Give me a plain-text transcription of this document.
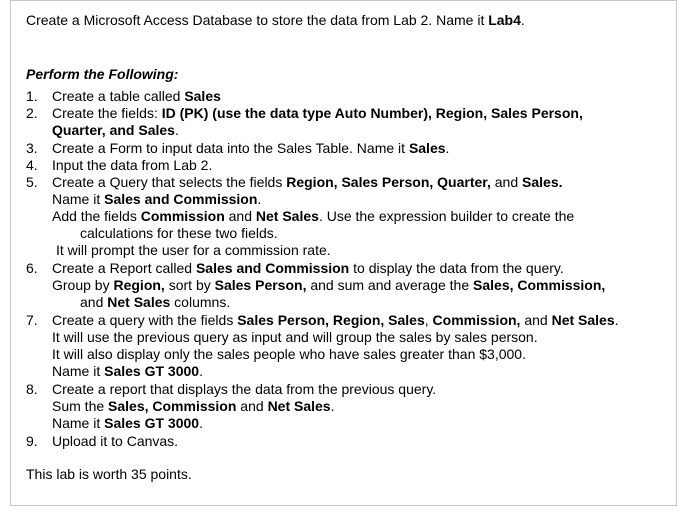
Create a Microsoft Access Database to store the data from Lab 2. Name it Lab4.
Perform the Following:
1.	Create a table called Sales
2.	Create the fields: ID (PK) (use the data type Auto Number), Region, Sales Person,
Quarter, and Sales.
3.	Create a Form to input data into the Sales Table. Name it Sales.
4.	Input the data from Lab 2.
5.	Create a Query that selects the fields Region, Sales Person, Quarter, and Sales.
Name it Sales and Commission.
Add the fields Commission and Net Sales. Use the expression builder to create the
calculations for these two fields.
It will prompt the user for a commission rate.
6.	Create a Report called Sales and Commission to display the data from the query.
Group by Region, sort by Sales Person, and sum and average the Sales, Commission,
and Net Sales columns.
7.	Create a query with the fields Sales Person, Region, Sales, Commission, and Net Sales.
It will use the previous query as input and will group the sales by sales person.
It will also display only the sales people who have sales greater than $3,000.
Name it Sales GT 3000.
8.	Create a report that displays the data from the previous query.
Sum the Sales, Commission and Net Sales.
Name it Sales GT 3000.
9.	Upload it to Canvas.
This lab is worth 35 points.
